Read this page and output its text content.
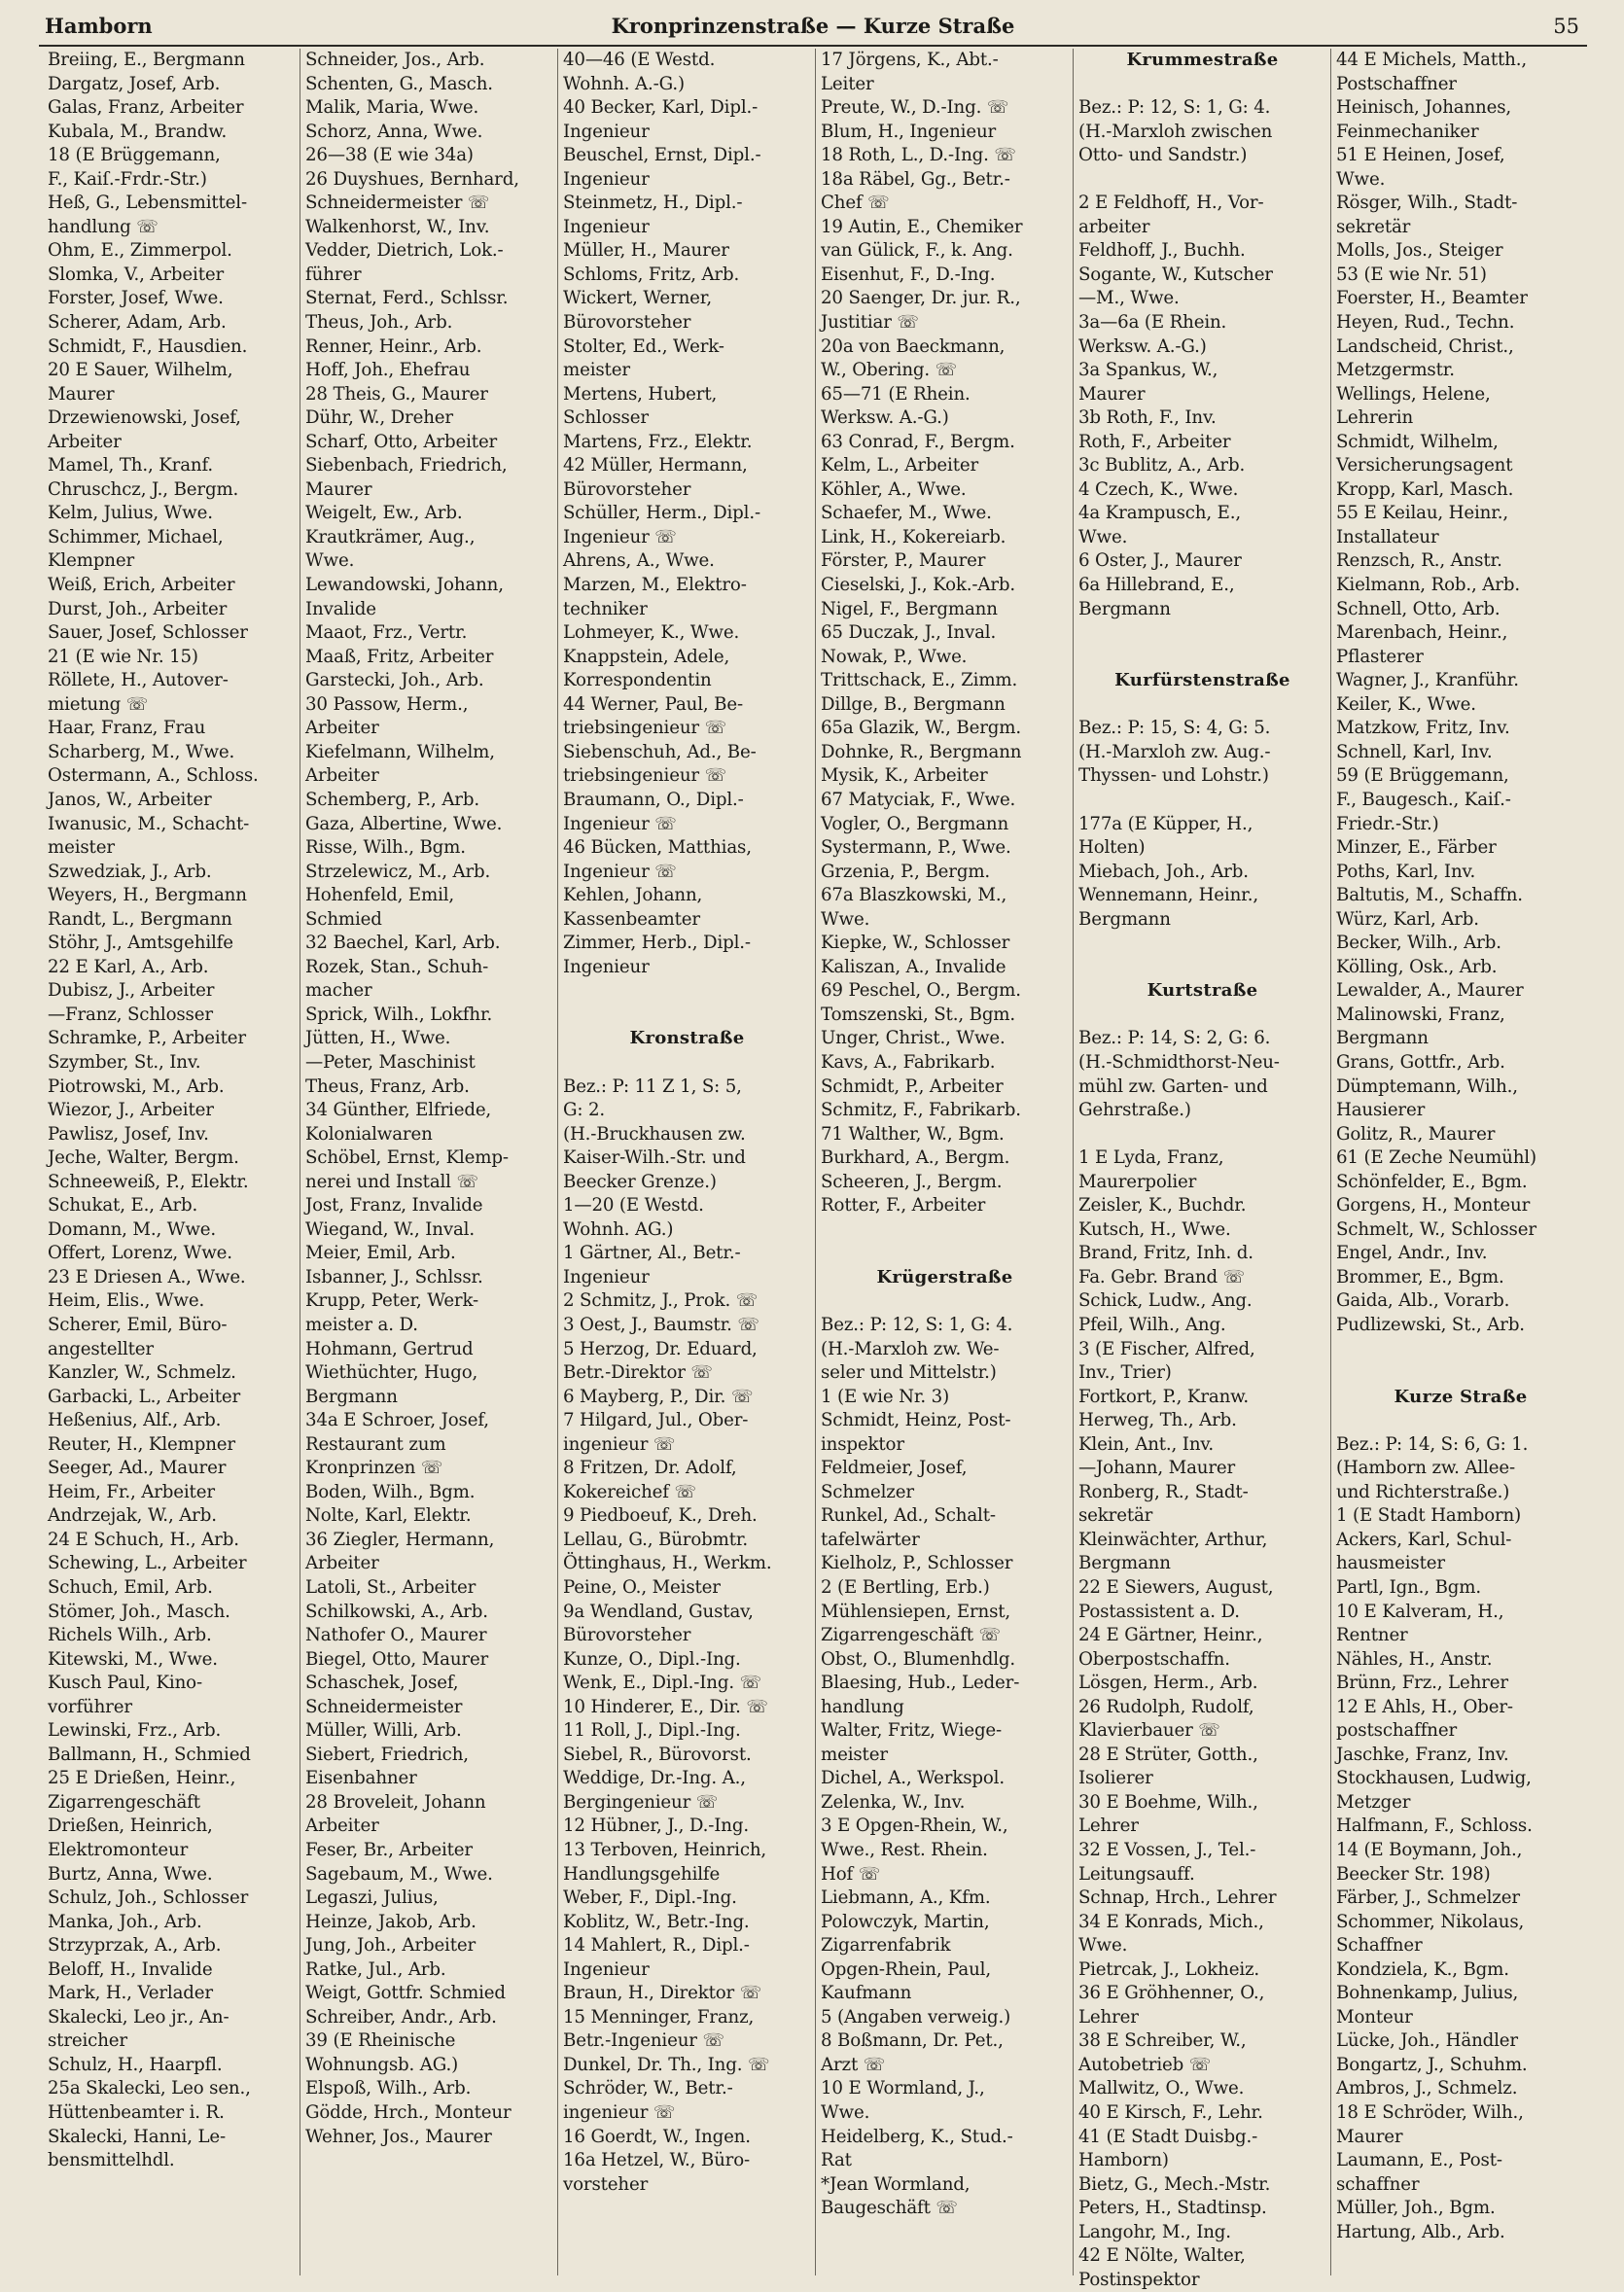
Hamborn	Kronprinzenstraße — Kurze Straße	55
Breiing, E., Bergmann
Dargatz, Josef, Arb.
Galas, Franz, Arbeiter
Kubala, M., Brandw.
18 (E Brüggemann,
F., Kaiſ.-Frdr.-Str.)
Heß, G., Lebensmittel-
handlung ☏
Ohm, E., Zimmerpol.
Slomka, V., Arbeiter
Forster, Josef, Wwe.
Scherer, Adam, Arb.
Schmidt, F., Hausdien.
20 E Sauer, Wilhelm,
Maurer
Drzewienowski, Josef,
Arbeiter
Mamel, Th., Kranf.
Chruschcz, J., Bergm.
Kelm, Julius, Wwe.
Schimmer, Michael,
Klempner
Weiß, Erich, Arbeiter
Durst, Joh., Arbeiter
Sauer, Josef, Schlosser
21 (E wie Nr. 15)
Röllete, H., Autover-
mietung ☏
Haar, Franz, Frau
Scharberg, M., Wwe.
Ostermann, A., Schloss.
Janos, W., Arbeiter
Iwanusic, M., Schacht-
meister
Szwedziak, J., Arb.
Weyers, H., Bergmann
Randt, L., Bergmann
Stöhr, J., Amtsgehilfe
22 E Karl, A., Arb.
Dubisz, J., Arbeiter
—Franz, Schlosser
Schramke, P., Arbeiter
Szymber, St., Inv.
Piotrowski, M., Arb.
Wiezor, J., Arbeiter
Pawlisz, Josef, Inv.
Jeche, Walter, Bergm.
Schneeweiß, P., Elektr.
Schukat, E., Arb.
Domann, M., Wwe.
Offert, Lorenz, Wwe.
23 E Driesen A., Wwe.
Heim, Elis., Wwe.
Scherer, Emil, Büro-
angestellter
Kanzler, W., Schmelz.
Garbacki, L., Arbeiter
Heßenius, Alf., Arb.
Reuter, H., Klempner
Seeger, Ad., Maurer
Heim, Fr., Arbeiter
Andrzejak, W., Arb.
24 E Schuch, H., Arb.
Schewing, L., Arbeiter
Schuch, Emil, Arb.
Stömer, Joh., Masch.
Richels Wilh., Arb.
Kitewski, M., Wwe.
Kusch Paul, Kino-
vorführer
Lewinski, Frz., Arb.
Ballmann, H., Schmied
25 E Drießen, Heinr.,
Zigarrengeschäft
Drießen, Heinrich,
Elektromonteur
Burtz, Anna, Wwe.
Schulz, Joh., Schlosser
Manka, Joh., Arb.
Strzyprzak, A., Arb.
Beloff, H., Invalide
Mark, H., Verlader
Skalecki, Leo jr., An-
streicher
Schulz, H., Haarpfl.
25a Skalecki, Leo sen.,
Hüttenbeamter i. R.
Skalecki, Hanni, Le-
bensmittelhdl.
Schneider, Jos., Arb.
Schenten, G., Masch.
Malik, Maria, Wwe.
Schorz, Anna, Wwe.
26—38 (E wie 34a)
26 Duyshues, Bernhard,
Schneidermeister ☏
Walkenhorst, W., Inv.
Vedder, Dietrich, Lok.-
führer
Sternat, Ferd., Schlssr.
Theus, Joh., Arb.
Renner, Heinr., Arb.
Hoff, Joh., Ehefrau
28 Theis, G., Maurer
Dühr, W., Dreher
Scharf, Otto, Arbeiter
Siebenbach, Friedrich,
Maurer
Weigelt, Ew., Arb.
Krautkrämer, Aug.,
Wwe.
Lewandowski, Johann,
Invalide
Maaot, Frz., Vertr.
Maaß, Fritz, Arbeiter
Garstecki, Joh., Arb.
30 Passow, Herm.,
Arbeiter
Kiefelmann, Wilhelm,
Arbeiter
Schemberg, P., Arb.
Gaza, Albertine, Wwe.
Risse, Wilh., Bgm.
Strzelewicz, M., Arb.
Hohenfeld, Emil,
Schmied
32 Baechel, Karl, Arb.
Rozek, Stan., Schuh-
macher
Sprick, Wilh., Lokfhr.
Jütten, H., Wwe.
—Peter, Maschinist
Theus, Franz, Arb.
34 Günther, Elfriede,
Kolonialwaren
Schöbel, Ernst, Klemp-
nerei und Install ☏
Jost, Franz, Invalide
Wiegand, W., Inval.
Meier, Emil, Arb.
Isbanner, J., Schlssr.
Krupp, Peter, Werk-
meister a. D.
Hohmann, Gertrud
Wiethüchter, Hugo,
Bergmann
34a E Schroer, Josef,
Restaurant zum
Kronprinzen ☏
Boden, Wilh., Bgm.
Nolte, Karl, Elektr.
36 Ziegler, Hermann,
Arbeiter
Latoli, St., Arbeiter
Schilkowski, A., Arb.
Nathofer O., Maurer
Biegel, Otto, Maurer
Schaschek, Josef,
Schneidermeister
Müller, Willi, Arb.
Siebert, Friedrich,
Eisenbahner
28 Broveleit, Johann
Arbeiter
Feser, Br., Arbeiter
Sagebaum, M., Wwe.
Legaszi, Julius,
Heinze, Jakob, Arb.
Jung, Joh., Arbeiter
Ratke, Jul., Arb.
Weigt, Gottfr. Schmied
Schreiber, Andr., Arb.
39 (E Rheinische
Wohnungsb. AG.)
Elspoß, Wilh., Arb.
Gödde, Hrch., Monteur
Wehner, Jos., Maurer
40—46 (E Westd.
Wohnh. A.-G.)
40 Becker, Karl, Dipl.-
Ingenieur
Beuschel, Ernst, Dipl.-
Ingenieur
Steinmetz, H., Dipl.-
Ingenieur
Müller, H., Maurer
Schloms, Fritz, Arb.
Wickert, Werner,
Bürovorsteher
Stolter, Ed., Werk-
meister
Mertens, Hubert,
Schlosser
Martens, Frz., Elektr.
42 Müller, Hermann,
Bürovorsteher
Schüller, Herm., Dipl.-
Ingenieur ☏
Ahrens, A., Wwe.
Marzen, M., Elektro-
techniker
Lohmeyer, K., Wwe.
Knappstein, Adele,
Korrespondentin
44 Werner, Paul, Be-
triebsingenieur ☏
Siebenschuh, Ad., Be-
triebsingenieur ☏
Braumann, O., Dipl.-
Ingenieur ☏
46 Bücken, Matthias,
Ingenieur ☏
Kehlen, Johann,
Kassenbeamter
Zimmer, Herb., Dipl.-
Ingenieur
Kronstraße
Bez.: P: 11 Z 1, S: 5,
G: 2.
(H.-Bruckhausen zw.
Kaiser-Wilh.-Str. und
Beecker Grenze.)
1—20 (E Westd.
Wohnh. AG.)
1 Gärtner, Al., Betr.-
Ingenieur
2 Schmitz, J., Prok. ☏
3 Oest, J., Baumstr. ☏
5 Herzog, Dr. Eduard,
Betr.-Direktor ☏
6 Mayberg, P., Dir. ☏
7 Hilgard, Jul., Ober-
ingenieur ☏
8 Fritzen, Dr. Adolf,
Kokereichef ☏
9 Piedboeuf, K., Dreh.
Lellau, G., Bürobmtr.
Öttinghaus, H., Werkm.
Peine, O., Meister
9a Wendland, Gustav,
Bürovorsteher
Kunze, O., Dipl.-Ing.
Wenk, E., Dipl.-Ing. ☏
10 Hinderer, E., Dir. ☏
11 Roll, J., Dipl.-Ing.
Siebel, R., Bürovorst.
Weddige, Dr.-Ing. A.,
Bergingenieur ☏
12 Hübner, J., D.-Ing.
13 Terboven, Heinrich,
Handlungsgehilfe
Weber, F., Dipl.-Ing.
Koblitz, W., Betr.-Ing.
14 Mahlert, R., Dipl.-
Ingenieur
Braun, H., Direktor ☏
15 Menninger, Franz,
Betr.-Ingenieur ☏
Dunkel, Dr. Th., Ing. ☏
Schröder, W., Betr.-
ingenieur ☏
16 Goerdt, W., Ingen.
16a Hetzel, W., Büro-
vorsteher
17 Jörgens, K., Abt.-
Leiter
Preute, W., D.-Ing. ☏
Blum, H., Ingenieur
18 Roth, L., D.-Ing. ☏
18a Räbel, Gg., Betr.-
Chef ☏
19 Autin, E., Chemiker
van Gülick, F., k. Ang.
Eisenhut, F., D.-Ing.
20 Saenger, Dr. jur. R.,
Justitiar ☏
20a von Baeckmann,
W., Obering. ☏
65—71 (E Rhein.
Werksw. A.-G.)
63 Conrad, F., Bergm.
Kelm, L., Arbeiter
Köhler, A., Wwe.
Schaefer, M., Wwe.
Link, H., Kokereiarb.
Förster, P., Maurer
Cieselski, J., Kok.-Arb.
Nigel, F., Bergmann
65 Duczak, J., Inval.
Nowak, P., Wwe.
Trittschack, E., Zimm.
Dillge, B., Bergmann
65a Glazik, W., Bergm.
Dohnke, R., Bergmann
Mysik, K., Arbeiter
67 Matyciak, F., Wwe.
Vogler, O., Bergmann
Systermann, P., Wwe.
Grzenia, P., Bergm.
67a Blaszkowski, M.,
Wwe.
Kiepke, W., Schlosser
Kaliszan, A., Invalide
69 Peschel, O., Bergm.
Tomszenski, St., Bgm.
Unger, Christ., Wwe.
Kavs, A., Fabrikarb.
Schmidt, P., Arbeiter
Schmitz, F., Fabrikarb.
71 Walther, W., Bgm.
Burkhard, A., Bergm.
Scheeren, J., Bergm.
Rotter, F., Arbeiter
Krügerstraße
Bez.: P: 12, S: 1, G: 4.
(H.-Marxloh zw. We-
seler und Mittelstr.)
1 (E wie Nr. 3)
Schmidt, Heinz, Post-
inspektor
Feldmeier, Josef,
Schmelzer
Runkel, Ad., Schalt-
tafelwärter
Kielholz, P., Schlosser
2 (E Bertling, Erb.)
Mühlensiepen, Ernst,
Zigarrengeschäft ☏
Obst, O., Blumenhdlg.
Blaesing, Hub., Leder-
handlung
Walter, Fritz, Wiege-
meister
Dichel, A., Werkspol.
Zelenka, W., Inv.
3 E Opgen-Rhein, W.,
Wwe., Rest. Rhein.
Hof ☏
Liebmann, A., Kfm.
Polowczyk, Martin,
Zigarrenfabrik
Opgen-Rhein, Paul,
Kaufmann
5 (Angaben verweig.)
8 Boßmann, Dr. Pet.,
Arzt ☏
10 E Wormland, J.,
Wwe.
Heidelberg, K., Stud.-
Rat
*Jean Wormland,
Baugeschäft ☏
Krummestraße
Bez.: P: 12, S: 1, G: 4.
(H.-Marxloh zwischen
Otto- und Sandstr.)
2 E Feldhoff, H., Vor-
arbeiter
Feldhoff, J., Buchh.
Sogante, W., Kutscher
—M., Wwe.
3a—6a (E Rhein.
Werksw. A.-G.)
3a Spankus, W.,
Maurer
3b Roth, F., Inv.
Roth, F., Arbeiter
3c Bublitz, A., Arb.
4 Czech, K., Wwe.
4a Krampusch, E.,
Wwe.
6 Oster, J., Maurer
6a Hillebrand, E.,
Bergmann
Kurfürstenstraße
Bez.: P: 15, S: 4, G: 5.
(H.-Marxloh zw. Aug.-
Thyssen- und Lohstr.)
177a (E Küpper, H.,
Holten)
Miebach, Joh., Arb.
Wennemann, Heinr.,
Bergmann
Kurtstraße
Bez.: P: 14, S: 2, G: 6.
(H.-Schmidthorst-Neu-
mühl zw. Garten- und
Gehrstraße.)
1 E Lyda, Franz,
Maurerpolier
Zeisler, K., Buchdr.
Kutsch, H., Wwe.
Brand, Fritz, Inh. d.
Fa. Gebr. Brand ☏
Schick, Ludw., Ang.
Pfeil, Wilh., Ang.
3 (E Fischer, Alfred,
Inv., Trier)
Fortkort, P., Kranw.
Herweg, Th., Arb.
Klein, Ant., Inv.
—Johann, Maurer
Ronberg, R., Stadt-
sekretär
Kleinwächter, Arthur,
Bergmann
22 E Siewers, August,
Postassistent a. D.
24 E Gärtner, Heinr.,
Oberpostschaffn.
Lösgen, Herm., Arb.
26 Rudolph, Rudolf,
Klavierbauer ☏
28 E Strüter, Gotth.,
Isolierer
30 E Boehme, Wilh.,
Lehrer
32 E Vossen, J., Tel.-
Leitungsauff.
Schnap, Hrch., Lehrer
34 E Konrads, Mich.,
Wwe.
Pietrcak, J., Lokheiz.
36 E Gröhhenner, O.,
Lehrer
38 E Schreiber, W.,
Autobetrieb ☏
Mallwitz, O., Wwe.
40 E Kirsch, F., Lehr.
41 (E Stadt Duisbg.-
Hamborn)
Bietz, G., Mech.-Mstr.
Peters, H., Stadtinsp.
Langohr, M., Ing.
42 E Nölte, Walter,
Postinspektor
44 E Michels, Matth.,
Postschaffner
Heinisch, Johannes,
Feinmechaniker
51 E Heinen, Josef,
Wwe.
Rösger, Wilh., Stadt-
sekretär
Molls, Jos., Steiger
53 (E wie Nr. 51)
Foerster, H., Beamter
Heyen, Rud., Techn.
Landscheid, Christ.,
Metzgermstr.
Wellings, Helene,
Lehrerin
Schmidt, Wilhelm,
Versicherungsagent
Kropp, Karl, Masch.
55 E Keilau, Heinr.,
Installateur
Renzsch, R., Anstr.
Kielmann, Rob., Arb.
Schnell, Otto, Arb.
Marenbach, Heinr.,
Pflasterer
Wagner, J., Kranführ.
Keiler, K., Wwe.
Matzkow, Fritz, Inv.
Schnell, Karl, Inv.
59 (E Brüggemann,
F., Baugesch., Kaiſ.-
Friedr.-Str.)
Minzer, E., Färber
Poths, Karl, Inv.
Baltutis, M., Schaffn.
Würz, Karl, Arb.
Becker, Wilh., Arb.
Kölling, Osk., Arb.
Lewalder, A., Maurer
Malinowski, Franz,
Bergmann
Grans, Gottfr., Arb.
Dümptemann, Wilh.,
Hausierer
Golitz, R., Maurer
61 (E Zeche Neumühl)
Schönfelder, E., Bgm.
Gorgens, H., Monteur
Schmelt, W., Schlosser
Engel, Andr., Inv.
Brommer, E., Bgm.
Gaida, Alb., Vorarb.
Pudlizewski, St., Arb.
Kurze Straße
Bez.: P: 14, S: 6, G: 1.
(Hamborn zw. Allee-
und Richterstraße.)
1 (E Stadt Hamborn)
Ackers, Karl, Schul-
hausmeister
Partl, Ign., Bgm.
10 E Kalveram, H.,
Rentner
Nähles, H., Anstr.
Brünn, Frz., Lehrer
12 E Ahls, H., Ober-
postschaffner
Jaschke, Franz, Inv.
Stockhausen, Ludwig,
Metzger
Halfmann, F., Schloss.
14 (E Boymann, Joh.,
Beecker Str. 198)
Färber, J., Schmelzer
Schommer, Nikolaus,
Schaffner
Kondziela, K., Bgm.
Bohnenkamp, Julius,
Monteur
Lücke, Joh., Händler
Bongartz, J., Schuhm.
Ambros, J., Schmelz.
18 E Schröder, Wilh.,
Maurer
Laumann, E., Post-
schaffner
Müller, Joh., Bgm.
Hartung, Alb., Arb.
